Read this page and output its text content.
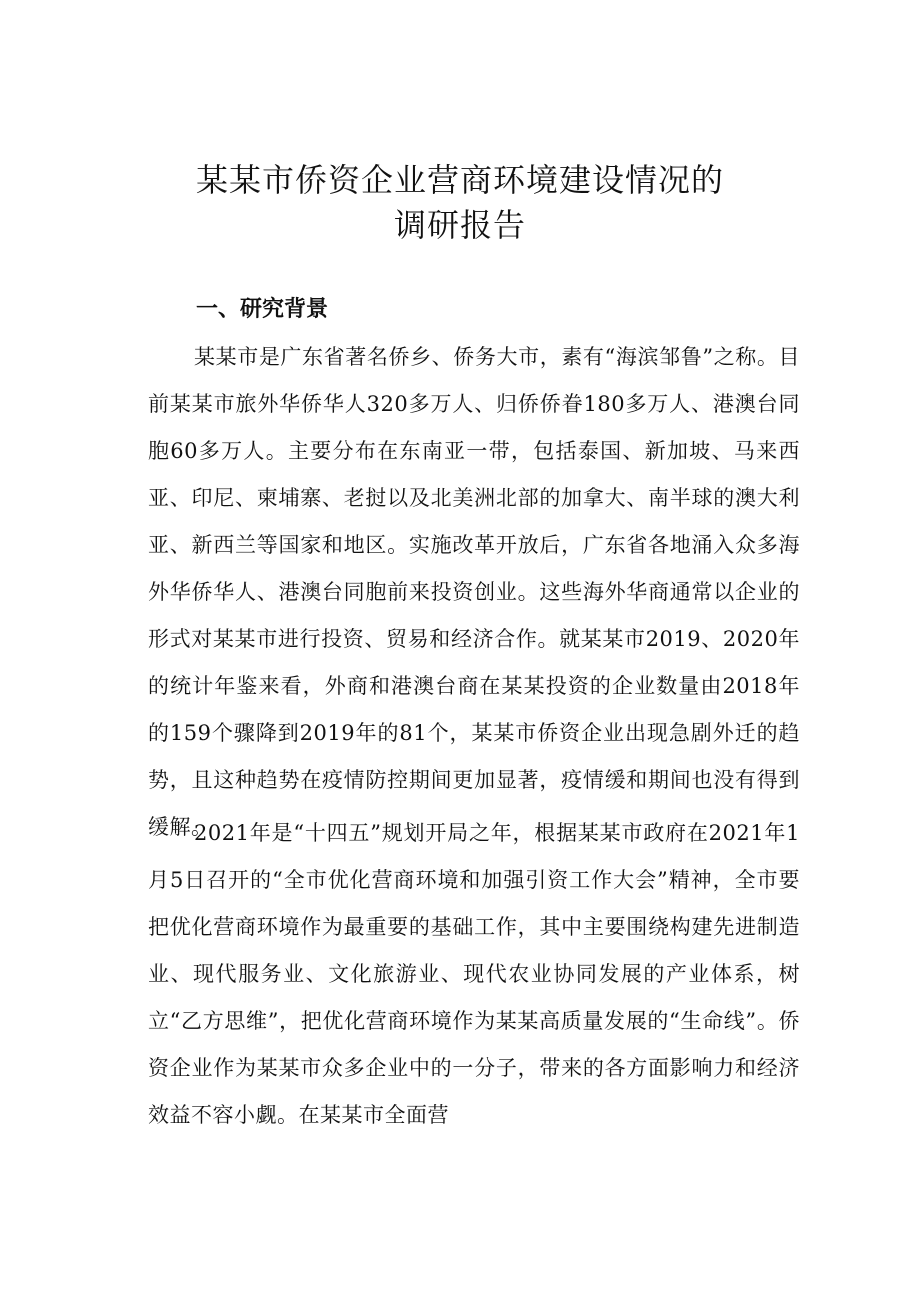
某某市侨资企业营商环境建设情况的
调研报告
一、研究背景

某某市是广东省著名侨乡、侨务大市，素有“海滨邹鲁”之称。目前某某市旅外华侨华人320多万人、归侨侨眷180多万人、港澳台同胞60多万人。主要分布在东南亚一带，包括泰国、新加坡、马来西亚、印尼、柬埔寨、老挝以及北美洲北部的加拿大、南半球的澳大利亚、新西兰等国家和地区。实施改革开放后，广东省各地涌入众多海外华侨华人、港澳台同胞前来投资创业。这些海外华商通常以企业的形式对某某市进行投资、贸易和经济合作。就某某市2019、2020年的统计年鉴来看，外商和港澳台商在某某投资的企业数量由2018年的159个骤降到2019年的81个，某某市侨资企业出现急剧外迁的趋势，且这种趋势在疫情防控期间更加显著，疫情缓和期间也没有得到缓解。

2021年是“十四五”规划开局之年，根据某某市政府在2021年1月5日召开的“全市优化营商环境和加强引资工作大会”精神，全市要把优化营商环境作为最重要的基础工作，其中主要围绕构建先进制造业、现代服务业、文化旅游业、现代农业协同发展的产业体系，树立“乙方思维”，把优化营商环境作为某某高质量发展的“生命线”。侨资企业作为某某市众多企业中的一分子，带来的各方面影响力和经济效益不容小觑。在某某市全面营
